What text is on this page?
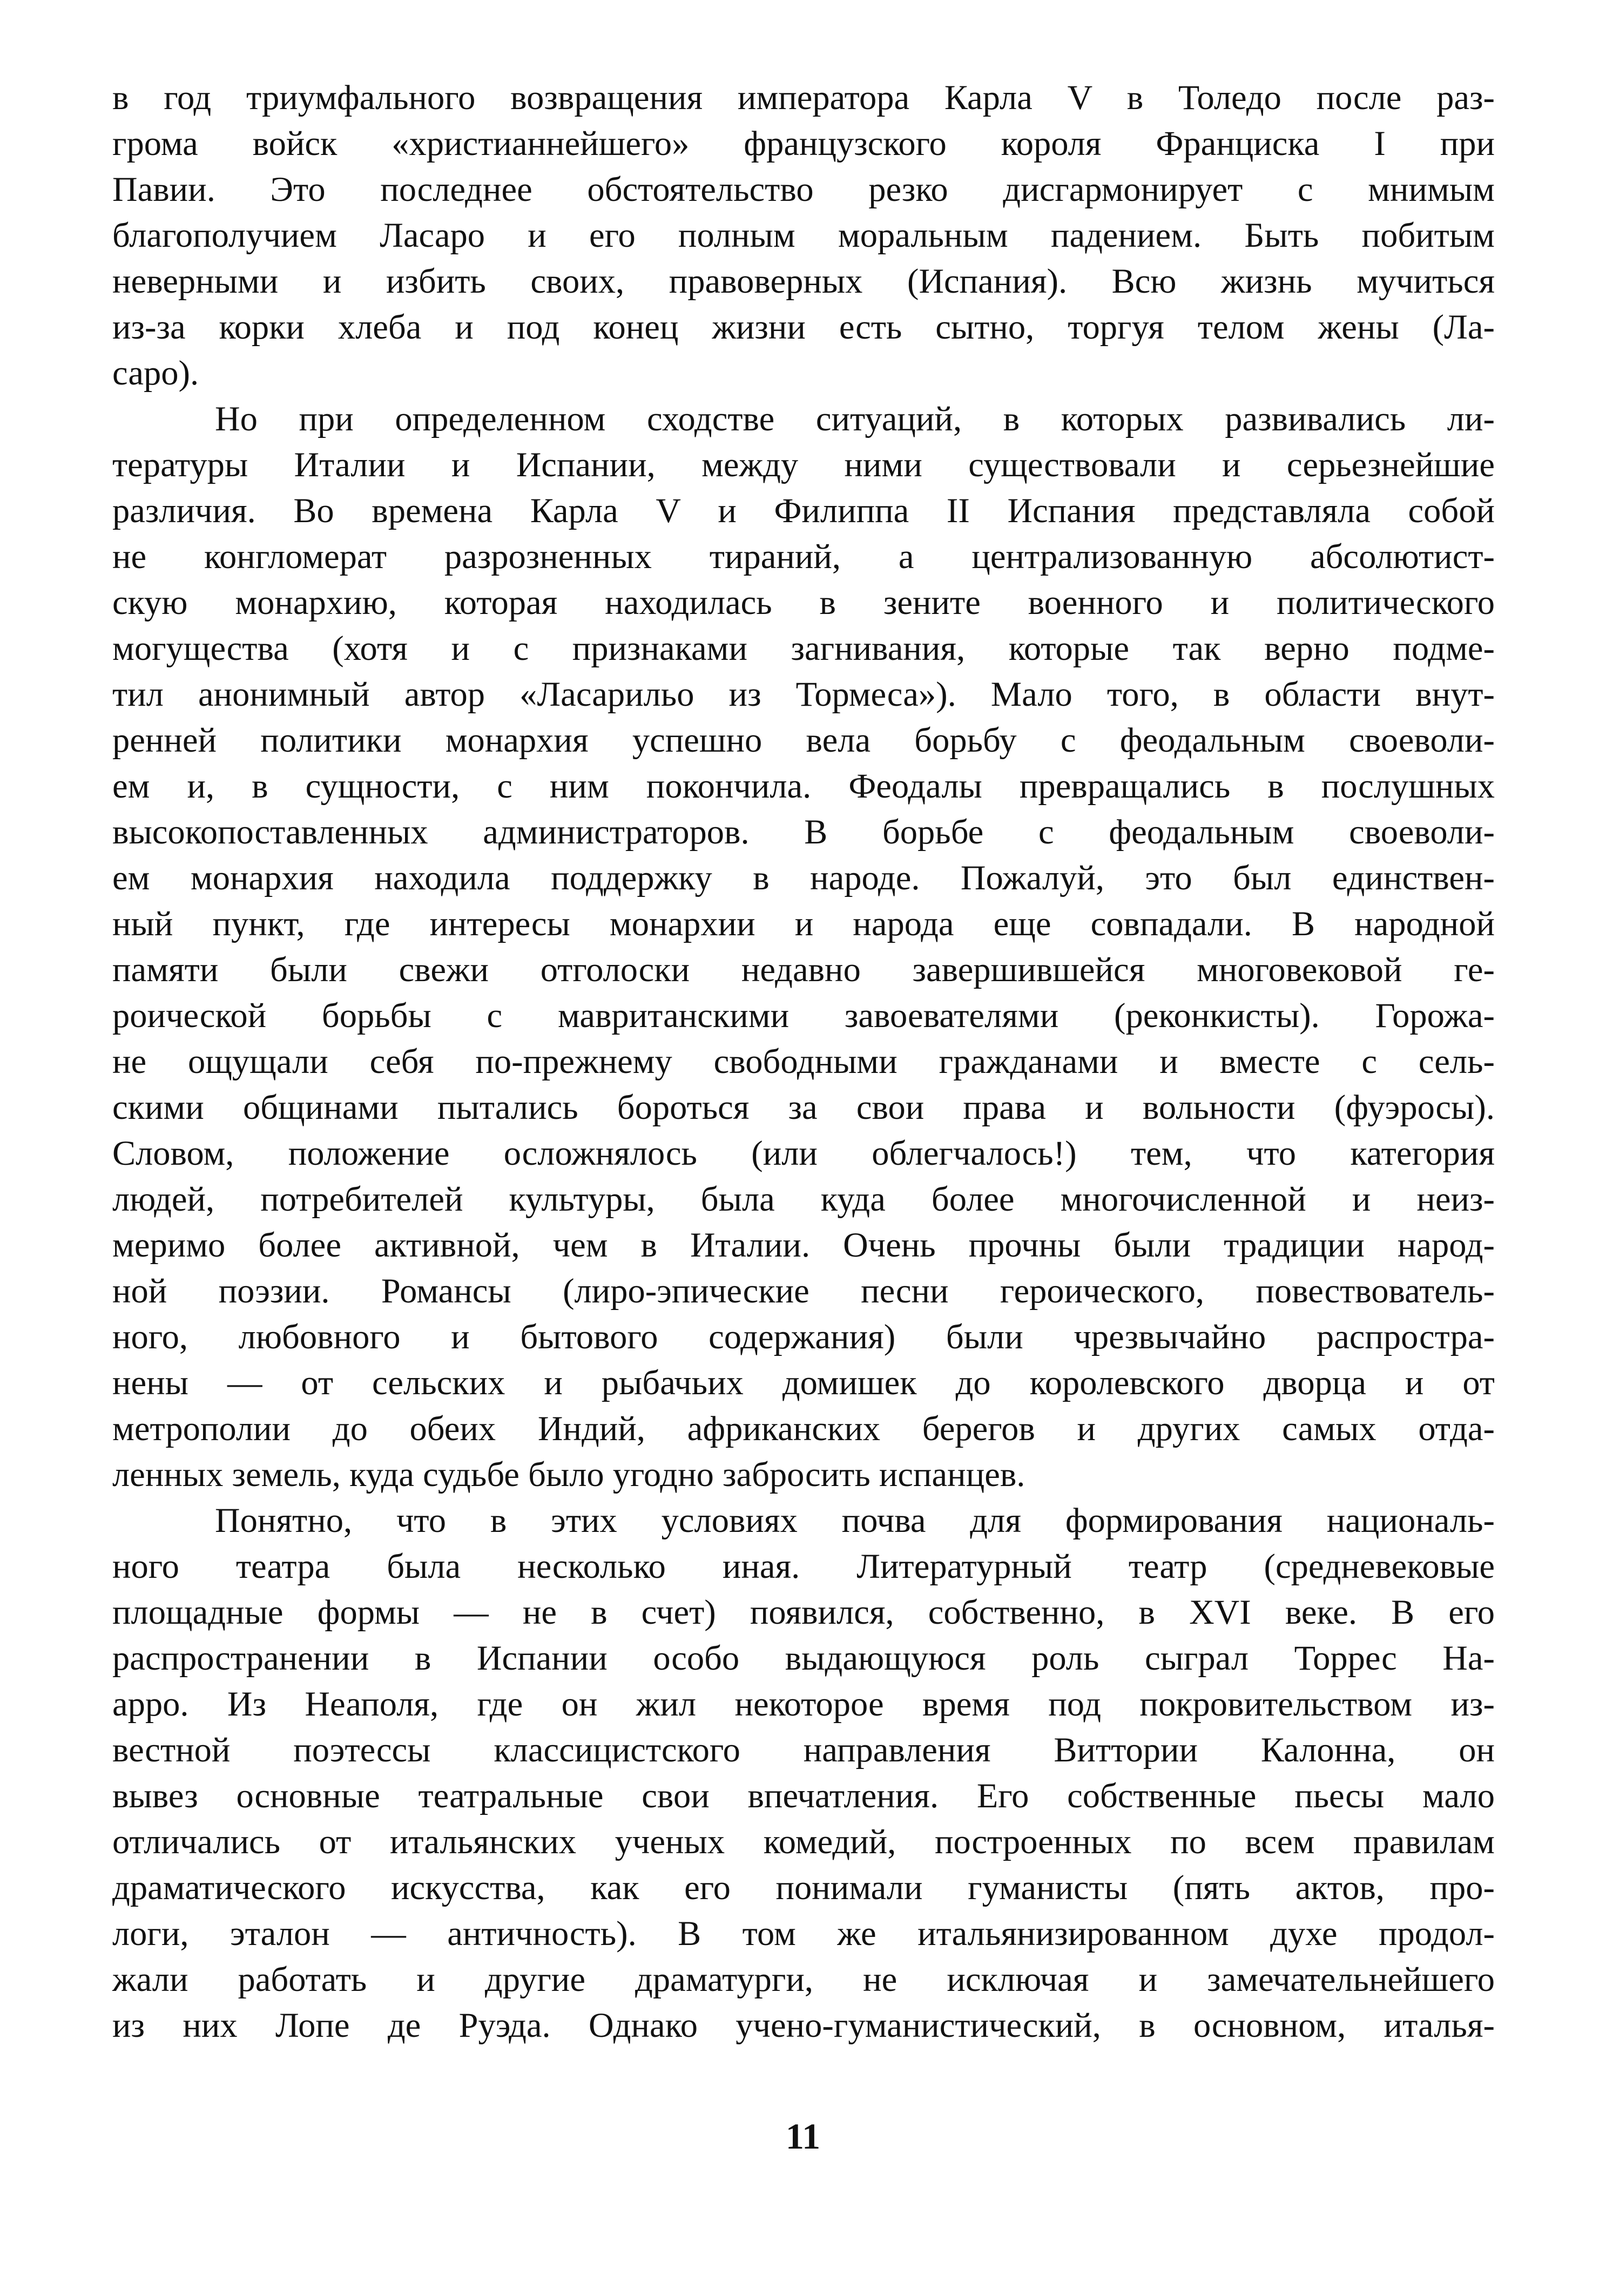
в год триумфального возвращения императора Карла V в Толедо после раз-
грома войск «христианнейшего» французского короля Франциска I при
Павии. Это последнее обстоятельство резко дисгармонирует с мнимым
благополучием Ласаро и его полным моральным падением. Быть побитым
неверными и избить своих, правоверных (Испания). Всю жизнь мучиться
из-за корки хлеба и под конец жизни есть сытно, торгуя телом жены (Ла-
саро).
Но при определенном сходстве ситуаций, в которых развивались ли-
тературы Италии и Испании, между ними существовали и серьезнейшие
различия. Во времена Карла V и Филиппа II Испания представляла собой
не конгломерат разрозненных тираний, а централизованную абсолютист-
скую монархию, которая находилась в зените военного и политического
могущества (хотя и с признаками загнивания, которые так верно подме-
тил анонимный автор «Ласарильо из Тормеса»). Мало того, в области внут-
ренней политики монархия успешно вела борьбу с феодальным своеволи-
ем и, в сущности, с ним покончила. Феодалы превращались в послушных
высокопоставленных администраторов. В борьбе с феодальным своеволи-
ем монархия находила поддержку в народе. Пожалуй, это был единствен-
ный пункт, где интересы монархии и народа еще совпадали. В народной
памяти были свежи отголоски недавно завершившейся многовековой ге-
роической борьбы с мавританскими завоевателями (реконкисты). Горожа-
не ощущали себя по-прежнему свободными гражданами и вместе с сель-
скими общинами пытались бороться за свои права и вольности (фуэросы).
Словом, положение осложнялось (или облегчалось!) тем, что категория
людей, потребителей культуры, была куда более многочисленной и неиз-
меримо более активной, чем в Италии. Очень прочны были традиции народ-
ной поэзии. Романсы (лиро-эпические песни героического, повествователь-
ного, любовного и бытового содержания) были чрезвычайно распростра-
нены — от сельских и рыбачьих домишек до королевского дворца и от
метрополии до обеих Индий, африканских берегов и других самых отда-
ленных земель, куда судьбе было угодно забросить испанцев.
Понятно, что в этих условиях почва для формирования националь-
ного театра была несколько иная. Литературный театр (средневековые
площадные формы — не в счет) появился, собственно, в XVI веке. В его
распространении в Испании особо выдающуюся роль сыграл Торрес На-
арро. Из Неаполя, где он жил некоторое время под покровительством из-
вестной поэтессы классицистского направления Виттории Калонна, он
вывез основные театральные свои впечатления. Его собственные пьесы мало
отличались от итальянских ученых комедий, построенных по всем правилам
драматического искусства, как его понимали гуманисты (пять актов, про-
логи, эталон — античность). В том же итальянизированном духе продол-
жали работать и другие драматурги, не исключая и замечательнейшего
из них Лопе де Руэда. Однако учено-гуманистический, в основном, италья-
11
